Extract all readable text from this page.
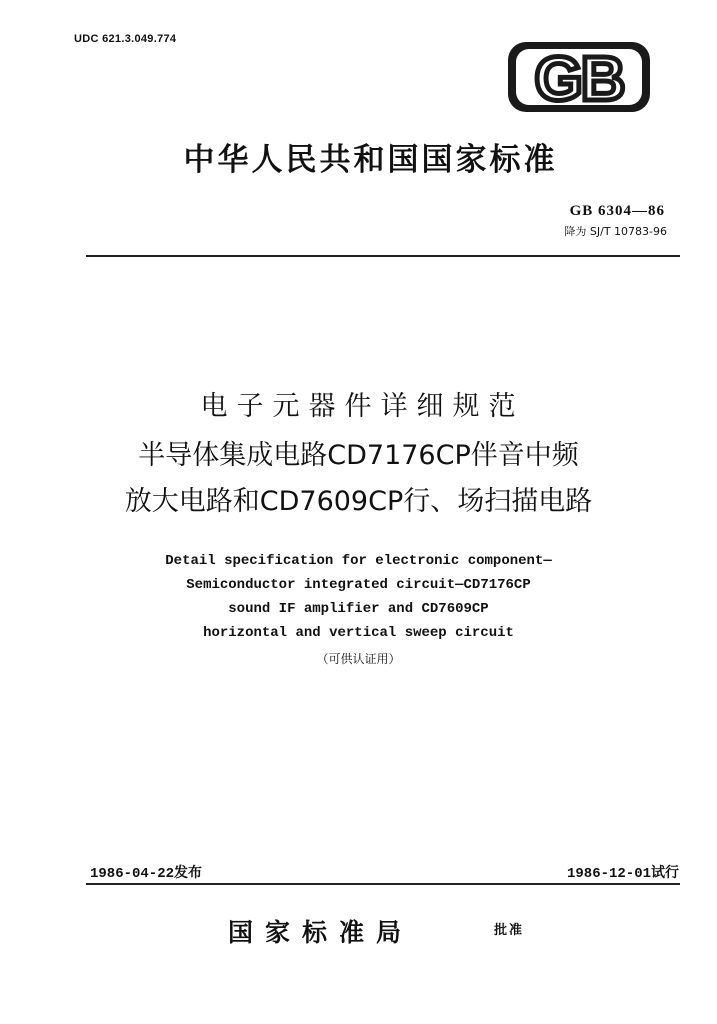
UDC 621.3.049.774
GB
中华人民共和国国家标准
GB 6304—86
降为 SJ/T 10783-96
电子元器件详细规范
半导体集成电路CD7176CP伴音中频
放大电路和CD7609CP行、场扫描电路
Detail specification for electronic component—
Semiconductor integrated circuit—CD7176CP
sound IF amplifier and CD7609CP
horizontal and vertical sweep circuit
（可供认证用）
1986-04-22发布	1986-12-01试行
国家标准局	批准
